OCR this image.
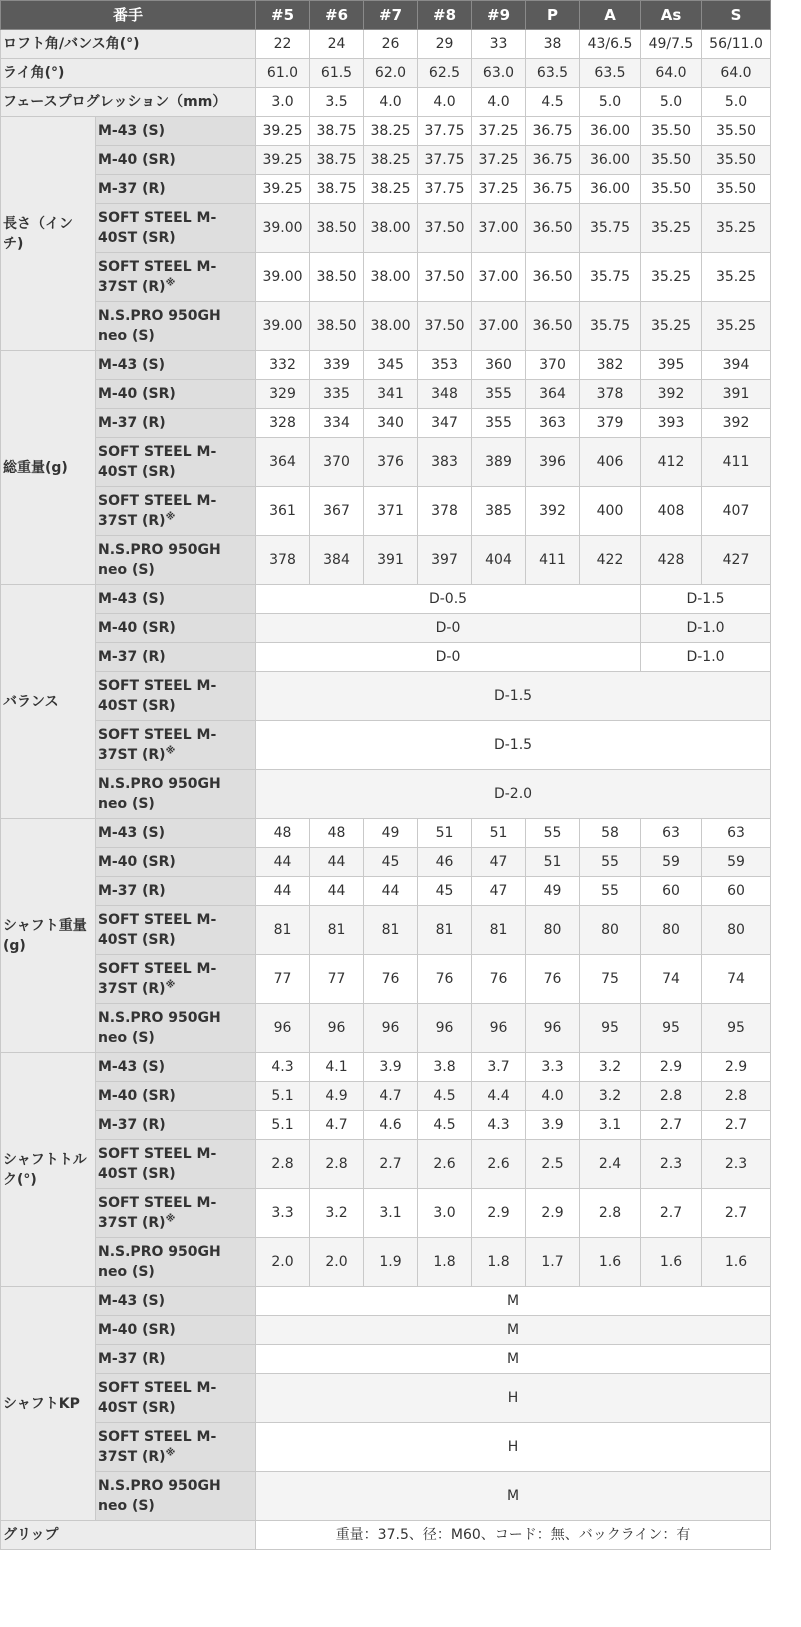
番手		#5	#6	#7	#8	#9	P	A	As	S
ロフト角/バンス角(°)		22	24	26	29	33	38	43/6.5	49/7.5	56/11.0
ライ角(°)		61.0	61.5	62.0	62.5	63.0	63.5	63.5	64.0	64.0
フェースプログレッション（mm）		3.0	3.5	4.0	4.0	4.0	4.5	5.0	5.0	5.0
長さ（インチ)	M-43 (S)	39.25	38.75	38.25	37.75	37.25	36.75	36.00	35.50	35.50
	M-40 (SR)	39.25	38.75	38.25	37.75	37.25	36.75	36.00	35.50	35.50
	M-37 (R)	39.25	38.75	38.25	37.75	37.25	36.75	36.00	35.50	35.50
	SOFT STEEL M-40ST (SR)	39.00	38.50	38.00	37.50	37.00	36.50	35.75	35.25	35.25
	SOFT STEEL M-37ST (R)※	39.00	38.50	38.00	37.50	37.00	36.50	35.75	35.25	35.25
	N.S.PRO 950GH neo (S)	39.00	38.50	38.00	37.50	37.00	36.50	35.75	35.25	35.25
総重量(g)	M-43 (S)	332	339	345	353	360	370	382	395	394
	M-40 (SR)	329	335	341	348	355	364	378	392	391
	M-37 (R)	328	334	340	347	355	363	379	393	392
	SOFT STEEL M-40ST (SR)	364	370	376	383	389	396	406	412	411
	SOFT STEEL M-37ST (R)※	361	367	371	378	385	392	400	408	407
	N.S.PRO 950GH neo (S)	378	384	391	397	404	411	422	428	427
バランス	M-43 (S)	D-0.5							D-1.5	
	M-40 (SR)	D-0							D-1.0	
	M-37 (R)	D-0							D-1.0	
	SOFT STEEL M-40ST (SR)	D-1.5								
	SOFT STEEL M-37ST (R)※	D-1.5								
	N.S.PRO 950GH neo (S)	D-2.0								
シャフト重量(g)	M-43 (S)	48	48	49	51	51	55	58	63	63
	M-40 (SR)	44	44	45	46	47	51	55	59	59
	M-37 (R)	44	44	44	45	47	49	55	60	60
	SOFT STEEL M-40ST (SR)	81	81	81	81	81	80	80	80	80
	SOFT STEEL M-37ST (R)※	77	77	76	76	76	76	75	74	74
	N.S.PRO 950GH neo (S)	96	96	96	96	96	96	95	95	95
シャフトトルク(°)	M-43 (S)	4.3	4.1	3.9	3.8	3.7	3.3	3.2	2.9	2.9
	M-40 (SR)	5.1	4.9	4.7	4.5	4.4	4.0	3.2	2.8	2.8
	M-37 (R)	5.1	4.7	4.6	4.5	4.3	3.9	3.1	2.7	2.7
	SOFT STEEL M-40ST (SR)	2.8	2.8	2.7	2.6	2.6	2.5	2.4	2.3	2.3
	SOFT STEEL M-37ST (R)※	3.3	3.2	3.1	3.0	2.9	2.9	2.8	2.7	2.7
	N.S.PRO 950GH neo (S)	2.0	2.0	1.9	1.8	1.8	1.7	1.6	1.6	1.6
シャフトKP	M-43 (S)	M								
	M-40 (SR)	M								
	M-37 (R)	M								
	SOFT STEEL M-40ST (SR)	H								
	SOFT STEEL M-37ST (R)※	H								
	N.S.PRO 950GH neo (S)	M								
グリップ		重量：37.5、径：M60、コード：無、バックライン：有								
